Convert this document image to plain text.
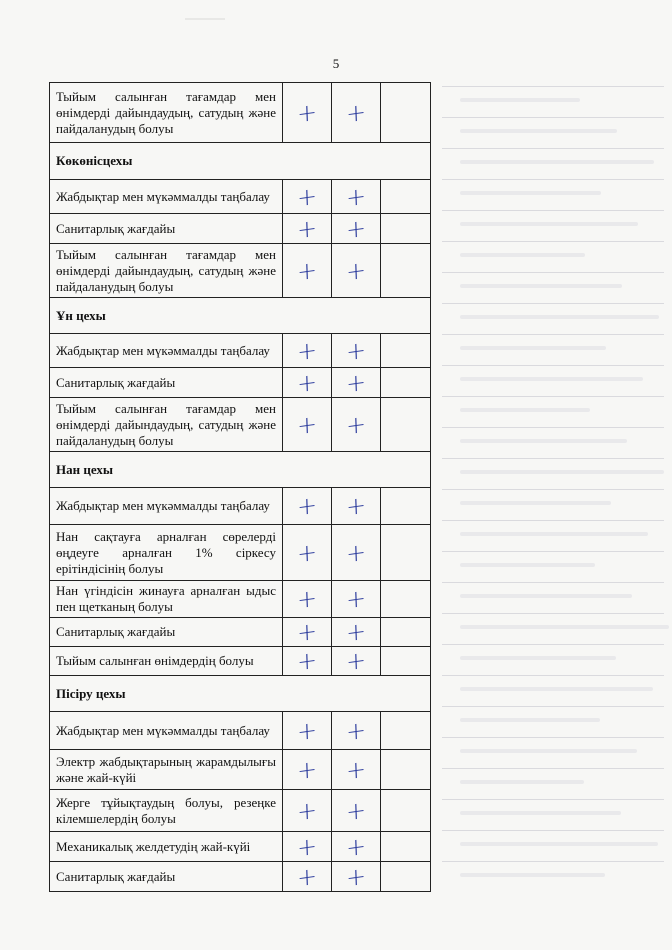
5
Тыйым салынған тағамдар мен өнімдерді дайындаудың, сатудың және пайдаланудың болуы	+	+	
Көкөнісцехы			
Жабдықтар мен мүкәммалды таңбалау	+	+	
Санитарлық жағдайы	+	+	
Тыйым салынған тағамдар мен өнімдерді дайындаудың, сатудың және пайдаланудың болуы	+	+	
Ұн цехы			
Жабдықтар мен мүкәммалды таңбалау	+	+	
Санитарлық жағдайы	+	+	
Тыйым салынған тағамдар мен өнімдерді дайындаудың, сатудың және пайдаланудың болуы	+	+	
Нан цехы			
Жабдықтар мен мүкәммалды таңбалау	+	+	
Нан сақтауға арналған сөрелерді өңдеуге арналған 1% сіркесу ерітіндісінің болуы	+	+	
Нан үгіндісін жинауға арналған ыдыс пен щетканың болуы	+	+	
Санитарлық жағдайы	+	+	
Тыйым салынған өнімдердің болуы	+	+	
Пісіру цехы			
Жабдықтар мен мүкәммалды таңбалау	+	+	
Электр жабдықтарының жарамдылығы және жай-күйі	+	+	
Жерге тұйықтаудың болуы, резеңке кілемшелердің болуы	+	+	
Механикалық желдетудің жай-күйі	+	+	
Санитарлық жағдайы	+	+	
